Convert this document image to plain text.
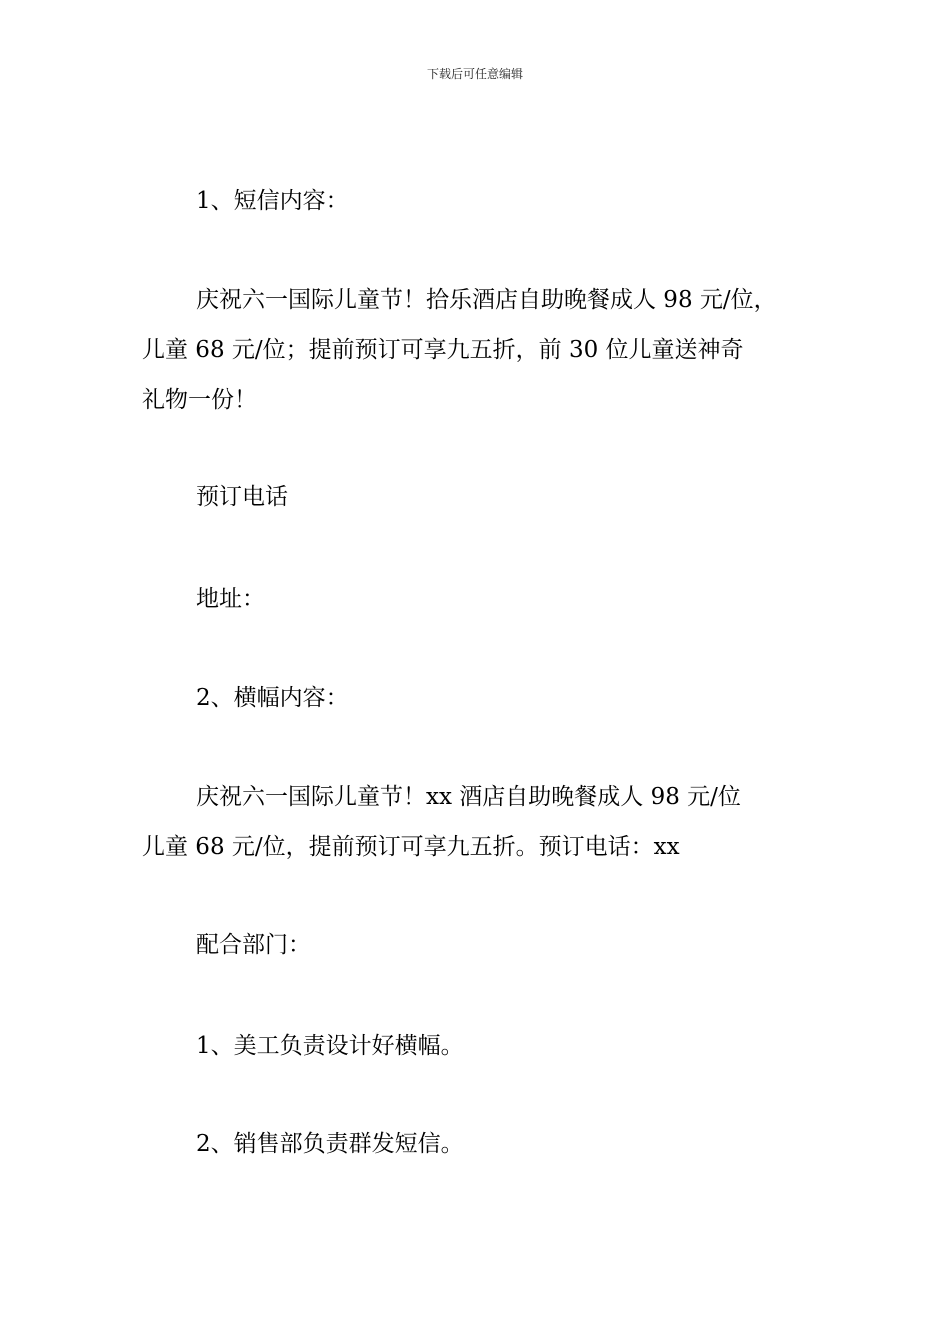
下载后可任意编辑

1、短信内容：

庆祝六一国际儿童节！拾乐酒店自助晚餐成人 98 元/位，
儿童 68 元/位；提前预订可享九五折，前 30 位儿童送神奇
礼物一份！

预订电话

地址：

2、横幅内容：

庆祝六一国际儿童节！xx 酒店自助晚餐成人 98 元/位
儿童 68 元/位，提前预订可享九五折。预订电话：xx

配合部门：

1、美工负责设计好横幅。

2、销售部负责群发短信。
